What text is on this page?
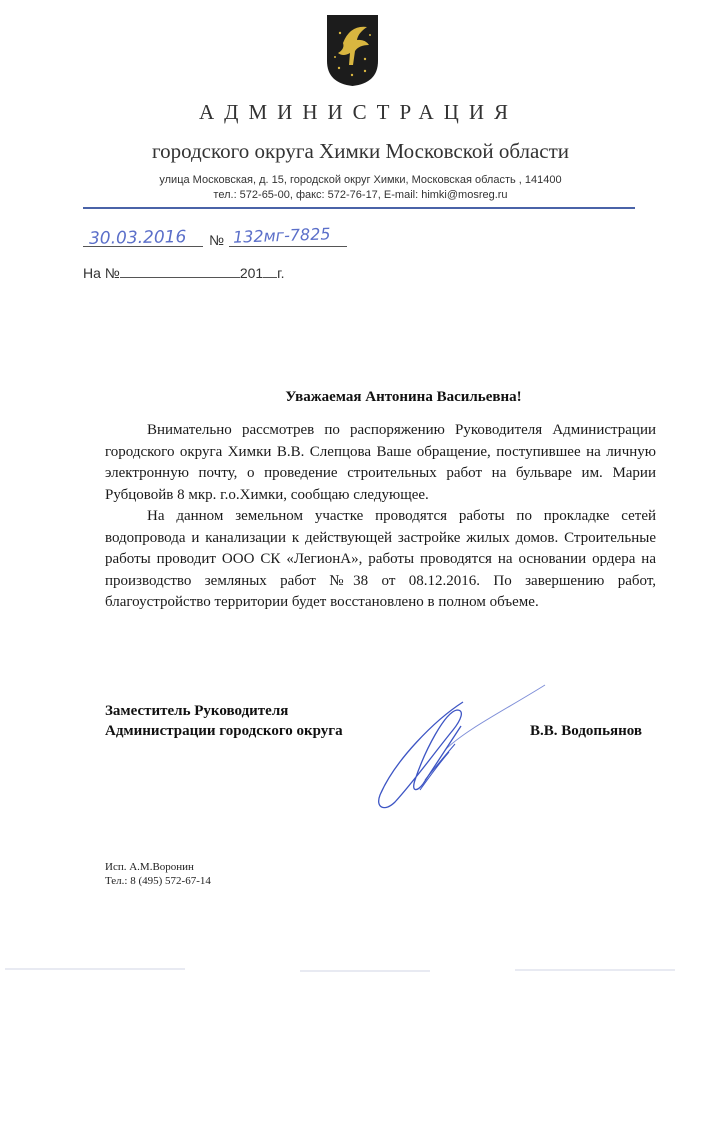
АДМИНИСТРАЦИЯ
городского округа Химки Московской области
улица Московская, д. 15, городской округ Химки, Московская область , 141400
тел.: 572-65-00, факс: 572-76-17, E-mail: himki@mosreg.ru
30.03.2016 № 132мг-7825
На №	201 г.
Уважаемая Антонина Васильевна!

Внимательно рассмотрев по распоряжению Руководителя Администрации городского округа Химки В.В. Слепцова Ваше обращение, поступившее на личную электронную почту, о проведение строительных работ на бульваре им. Марии Рубцовойв 8 мкр. г.о.Химки, сообщаю следующее.

На данном земельном участке проводятся работы по прокладке сетей водопровода и канализации к действующей застройке жилых домов. Строительные работы проводит ООО СК «ЛегионА», работы проводятся на основании ордера на производство земляных работ №38 от 08.12.2016. По завершению работ, благоустройство территории будет восстановлено в полном объеме.

Заместитель Руководителя
Администрации городского округа	В.В. Водопьянов
Исп. А.М.Воронин
Тел.: 8 (495) 572-67-14
